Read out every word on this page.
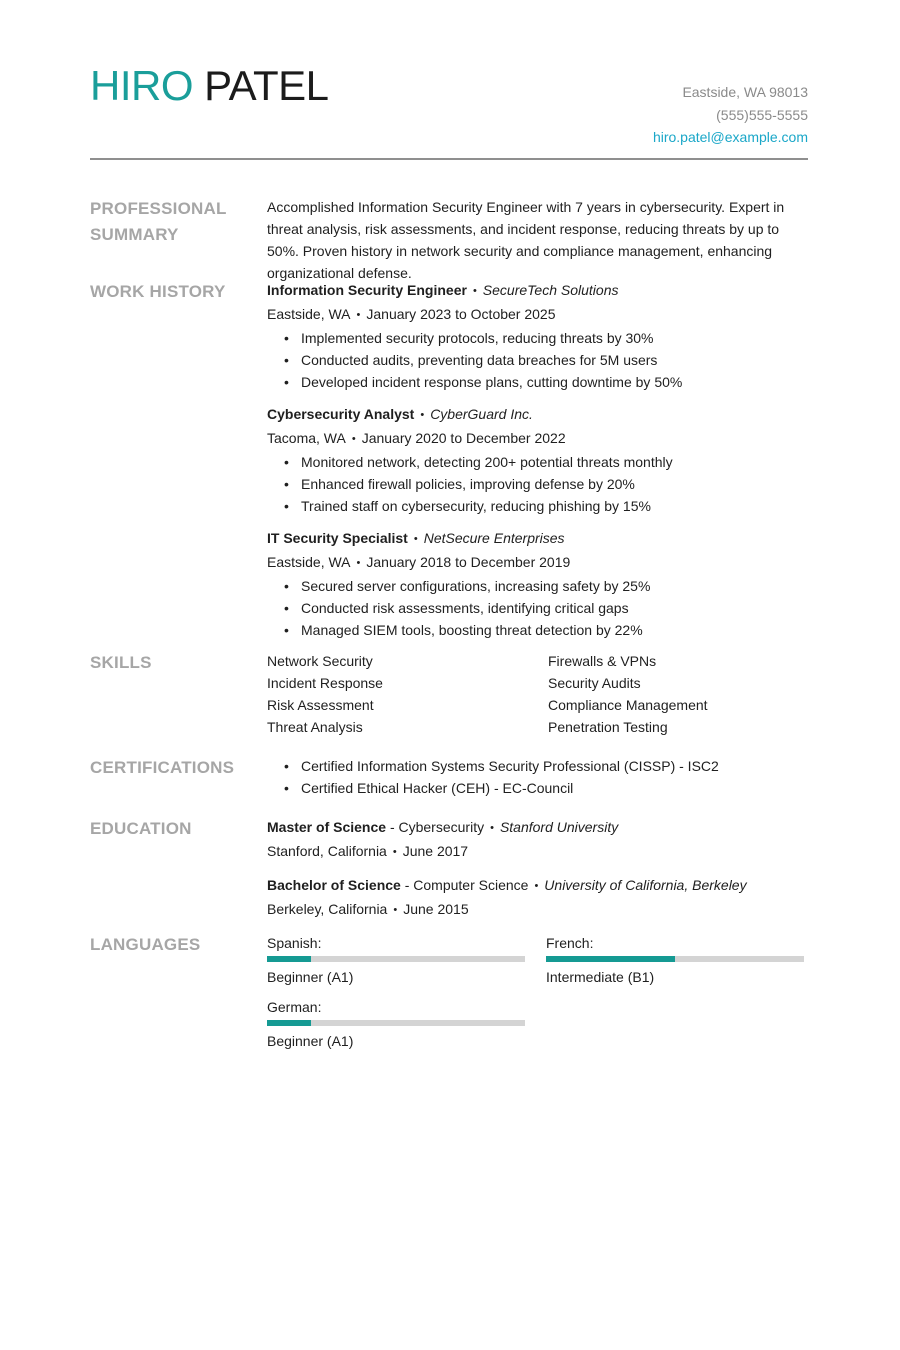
HIRO PATEL	Eastside, WA 98013
(555)555-5555
hiro.patel@example.com
PROFESSIONAL
SUMMARY
Accomplished Information Security Engineer with 7 years in cybersecurity. Expert in threat analysis, risk assessments, and incident response, reducing threats by up to 50%. Proven history in network security and compliance management, enhancing organizational defense.
WORK HISTORY	Information Security Engineer • SecureTech Solutions
Eastside, WA • January 2023 to October 2025
• Implemented security protocols, reducing threats by 30%
• Conducted audits, preventing data breaches for 5M users
• Developed incident response plans, cutting downtime by 50%
Cybersecurity Analyst • CyberGuard Inc.
Tacoma, WA • January 2020 to December 2022
• Monitored network, detecting 200+ potential threats monthly
• Enhanced firewall policies, improving defense by 20%
• Trained staff on cybersecurity, reducing phishing by 15%
IT Security Specialist • NetSecure Enterprises
Eastside, WA • January 2018 to December 2019
• Secured server configurations, increasing safety by 25%
• Conducted risk assessments, identifying critical gaps
• Managed SIEM tools, boosting threat detection by 22%
SKILLS	Network Security	Firewalls & VPNs
Incident Response	Security Audits
Risk Assessment	Compliance Management
Threat Analysis	Penetration Testing
CERTIFICATIONS
•	Certified Information Systems Security Professional (CISSP) - ISC2
• Certified Ethical Hacker (CEH) - EC-Council
EDUCATION	Master of Science - Cybersecurity • Stanford University
Stanford, California • June 2017
Bachelor of Science - Computer Science • University of California, Berkeley
Berkeley, California • June 2015
LANGUAGES	Spanish:
Beginner (A1)
French:
Intermediate (B1)
German:
Beginner (A1)
